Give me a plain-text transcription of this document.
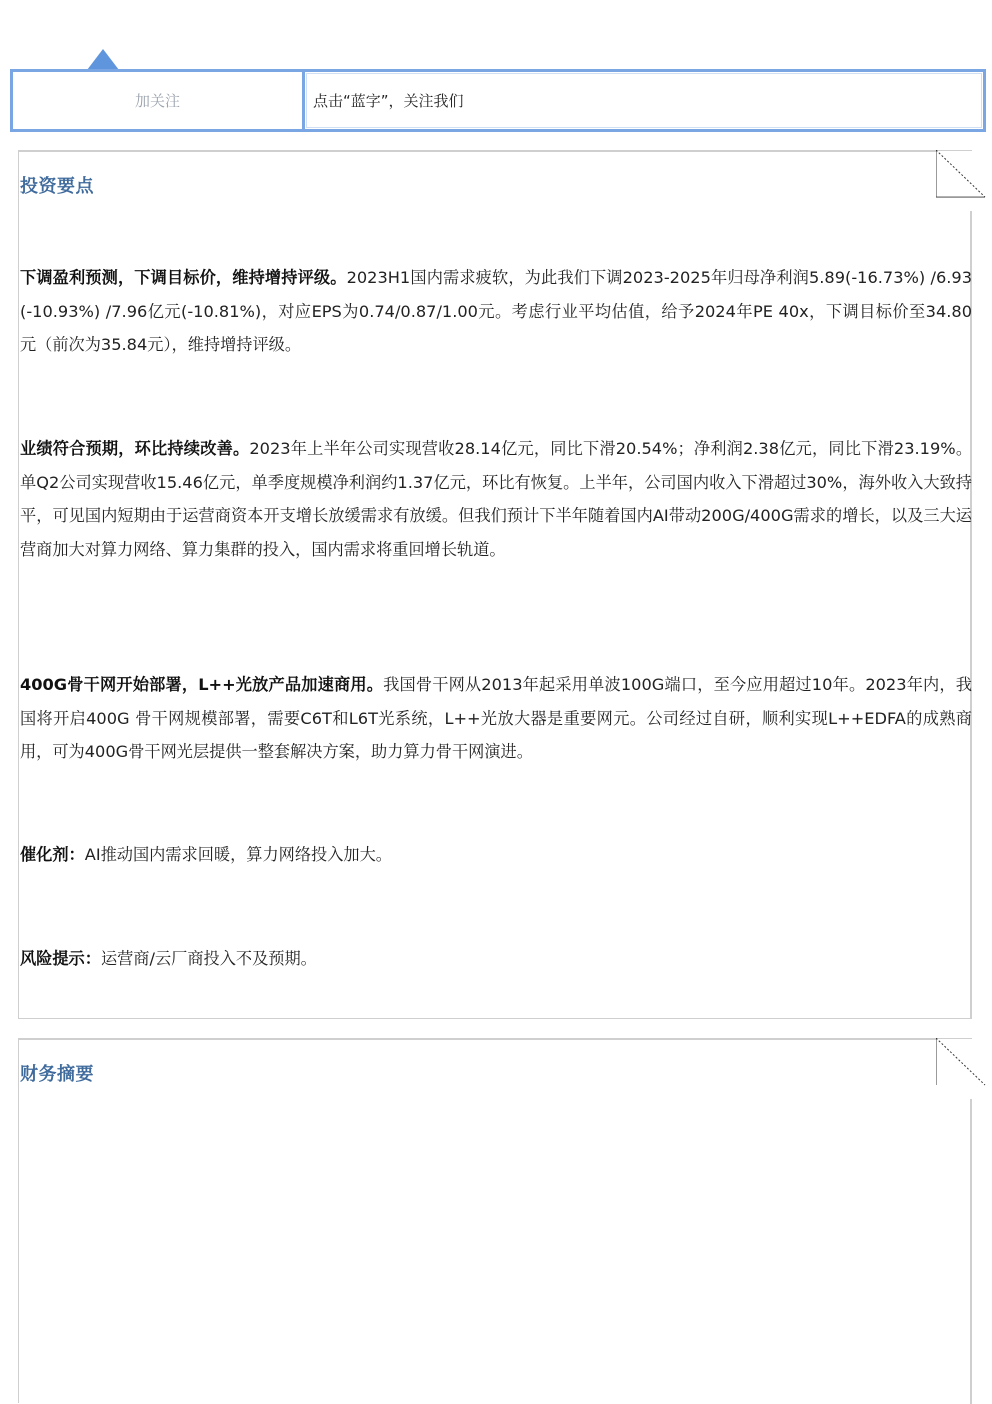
加关注	点击“蓝字”，关注我们
投资要点

下调盈利预测，下调目标价，维持增持评级。2023H1国内需求疲软，为此我们下调2023-2025年归母净利润5.89(-16.73%) /6.93 (-10.93%) /7.96亿元(-10.81%)，对应EPS为0.74/0.87/1.00元。考虑行业平均估值，给予2024年PE 40x，下调目标价至34.80元（前次为35.84元），维持增持评级。

业绩符合预期，环比持续改善。2023年上半年公司实现营收28.14亿元，同比下滑20.54%；净利润2.38亿元，同比下滑23.19%。单Q2公司实现营收15.46亿元，单季度规模净利润约1.37亿元，环比有恢复。上半年，公司国内收入下滑超过30%，海外收入大致持平，可见国内短期由于运营商资本开支增长放缓需求有放缓。但我们预计下半年随着国内AI带动200G/400G需求的增长，以及三大运营商加大对算力网络、算力集群的投入，国内需求将重回增长轨道。

400G骨干网开始部署，L++光放产品加速商用。我国骨干网从2013年起采用单波100G端口，至今应用超过10年。2023年内，我国将开启400G 骨干网规模部署，需要C6T和L6T光系统，L++光放大器是重要网元。公司经过自研，顺利实现L++EDFA的成熟商用，可为400G骨干网光层提供一整套解决方案，助力算力骨干网演进。

催化剂：AI推动国内需求回暖，算力网络投入加大。

风险提示：运营商/云厂商投入不及预期。

财务摘要
